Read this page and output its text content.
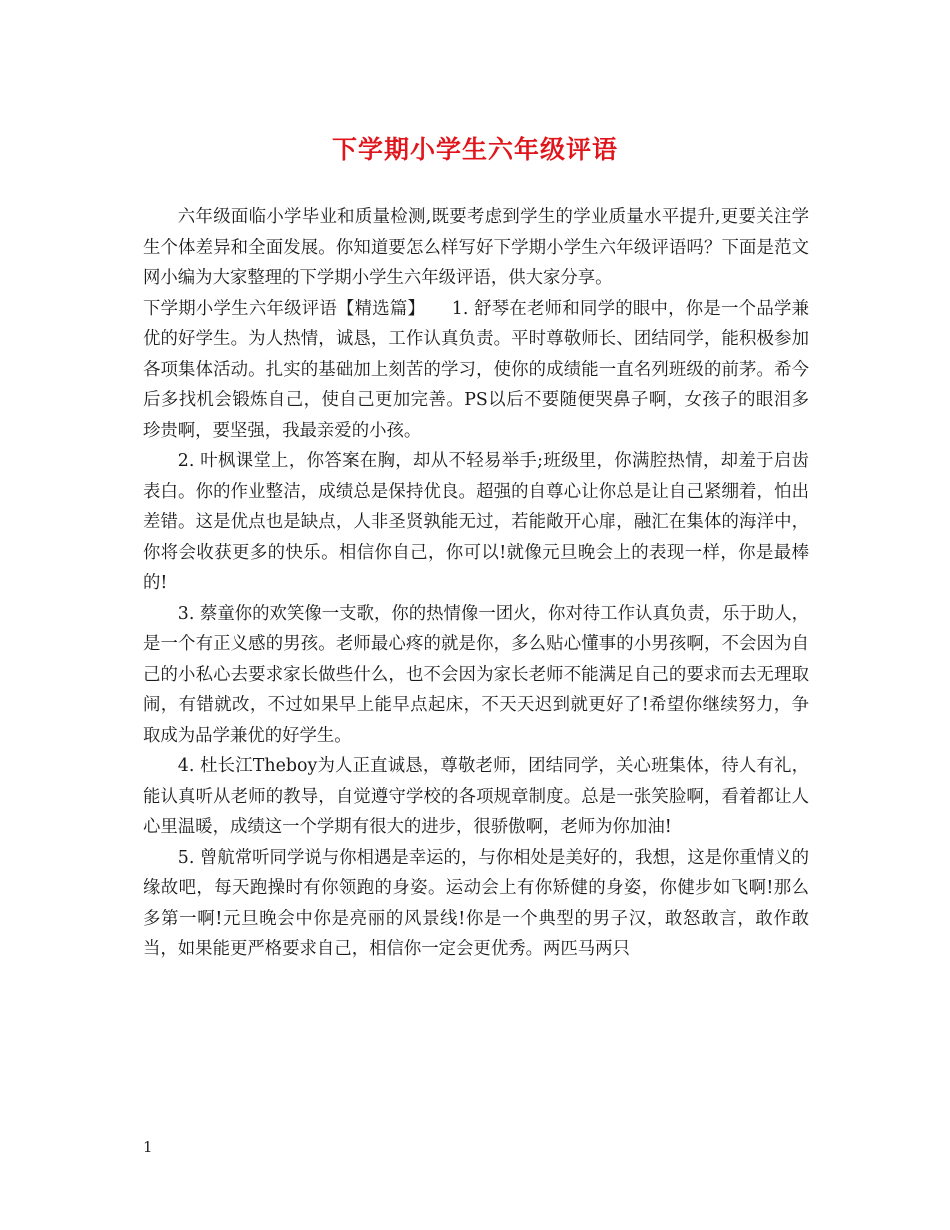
下学期小学生六年级评语

六年级面临小学毕业和质量检测,既要考虑到学生的学业质量水平提升,更要关注学生个体差异和全面发展。你知道要怎么样写好下学期小学生六年级评语吗？下面是范文网小编为大家整理的下学期小学生六年级评语，供大家分享。

下学期小学生六年级评语【精选篇】　　1. 舒琴在老师和同学的眼中，你是一个品学兼优的好学生。为人热情，诚恳，工作认真负责。平时尊敬师长、团结同学，能积极参加各项集体活动。扎实的基础加上刻苦的学习，使你的成绩能一直名列班级的前茅。希今后多找机会锻炼自己，使自己更加完善。PS以后不要随便哭鼻子啊，女孩子的眼泪多珍贵啊，要坚强，我最亲爱的小孩。

2. 叶枫课堂上，你答案在胸，却从不轻易举手;班级里，你满腔热情，却羞于启齿表白。你的作业整洁，成绩总是保持优良。超强的自尊心让你总是让自己紧绷着，怕出差错。这是优点也是缺点，人非圣贤孰能无过，若能敞开心扉，融汇在集体的海洋中，你将会收获更多的快乐。相信你自己，你可以!就像元旦晚会上的表现一样，你是最棒的!

3. 蔡童你的欢笑像一支歌，你的热情像一团火，你对待工作认真负责，乐于助人，是一个有正义感的男孩。老师最心疼的就是你，多么贴心懂事的小男孩啊，不会因为自己的小私心去要求家长做些什么，也不会因为家长老师不能满足自己的要求而去无理取闹，有错就改，不过如果早上能早点起床，不天天迟到就更好了!希望你继续努力，争取成为品学兼优的好学生。

4. 杜长江Theboy为人正直诚恳，尊敬老师，团结同学，关心班集体，待人有礼，能认真听从老师的教导，自觉遵守学校的各项规章制度。总是一张笑脸啊，看着都让人心里温暖，成绩这一个学期有很大的进步，很骄傲啊，老师为你加油!

5. 曾航常听同学说与你相遇是幸运的，与你相处是美好的，我想，这是你重情义的缘故吧，每天跑操时有你领跑的身姿。运动会上有你矫健的身姿，你健步如飞啊!那么多第一啊!元旦晚会中你是亮丽的风景线!你是一个典型的男子汉，敢怒敢言，敢作敢当，如果能更严格要求自己，相信你一定会更优秀。两匹马两只

1
